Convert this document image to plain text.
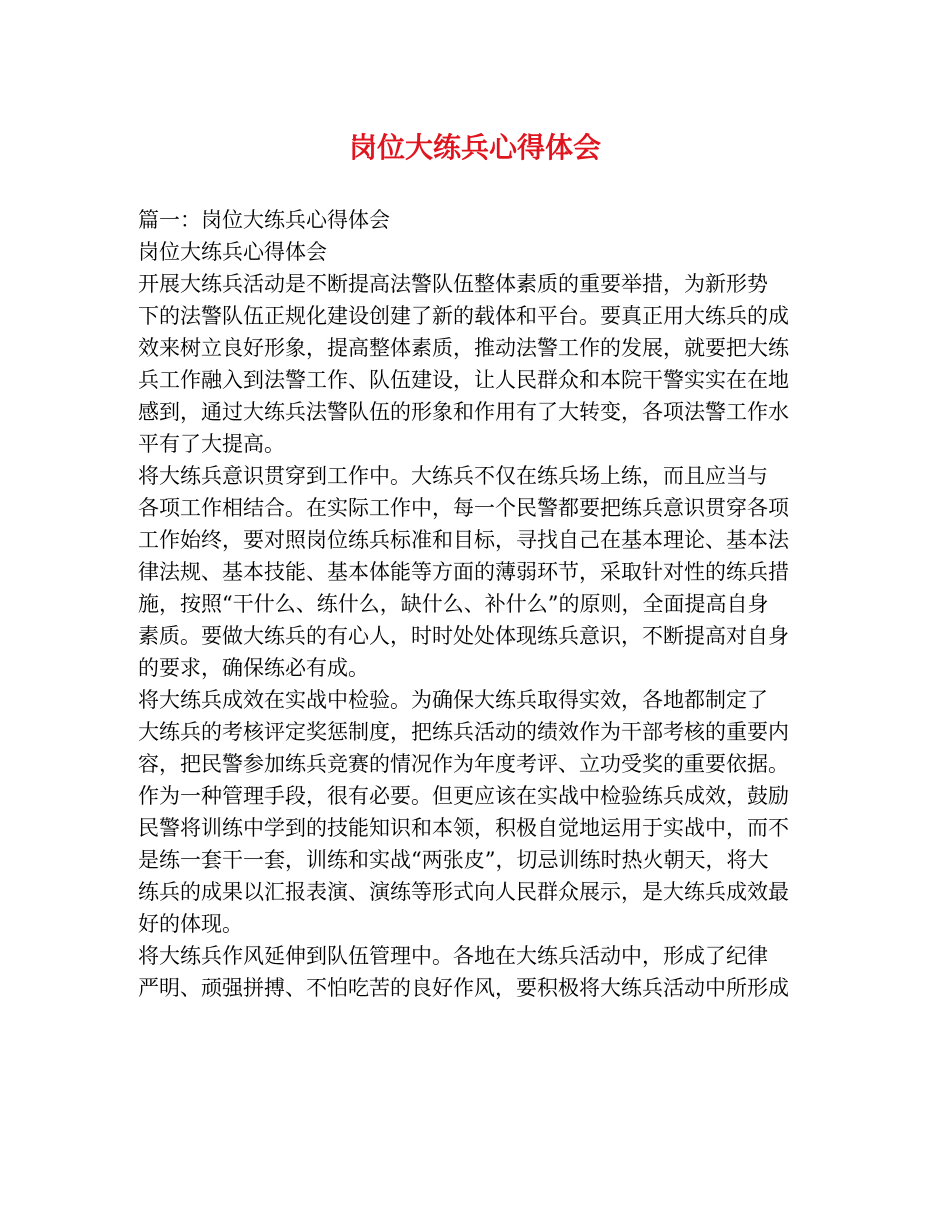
岗位大练兵心得体会
篇一：岗位大练兵心得体会
岗位大练兵心得体会
开展大练兵活动是不断提高法警队伍整体素质的重要举措，为新形势
下的法警队伍正规化建设创建了新的载体和平台。要真正用大练兵的成
效来树立良好形象，提高整体素质，推动法警工作的发展，就要把大练
兵工作融入到法警工作、队伍建设，让人民群众和本院干警实实在在地
感到，通过大练兵法警队伍的形象和作用有了大转变，各项法警工作水
平有了大提高。
将大练兵意识贯穿到工作中。大练兵不仅在练兵场上练，而且应当与
各项工作相结合。在实际工作中，每一个民警都要把练兵意识贯穿各项
工作始终，要对照岗位练兵标准和目标，寻找自己在基本理论、基本法
律法规、基本技能、基本体能等方面的薄弱环节，采取针对性的练兵措
施，按照“干什么、练什么，缺什么、补什么”的原则，全面提高自身
素质。要做大练兵的有心人，时时处处体现练兵意识，不断提高对自身
的要求，确保练必有成。
将大练兵成效在实战中检验。为确保大练兵取得实效，各地都制定了
大练兵的考核评定奖惩制度，把练兵活动的绩效作为干部考核的重要内
容，把民警参加练兵竞赛的情况作为年度考评、立功受奖的重要依据。
作为一种管理手段，很有必要。但更应该在实战中检验练兵成效，鼓励
民警将训练中学到的技能知识和本领，积极自觉地运用于实战中，而不
是练一套干一套，训练和实战“两张皮”，切忌训练时热火朝天，将大
练兵的成果以汇报表演、演练等形式向人民群众展示，是大练兵成效最
好的体现。
将大练兵作风延伸到队伍管理中。各地在大练兵活动中，形成了纪律
严明、顽强拼搏、不怕吃苦的良好作风，要积极将大练兵活动中所形成
